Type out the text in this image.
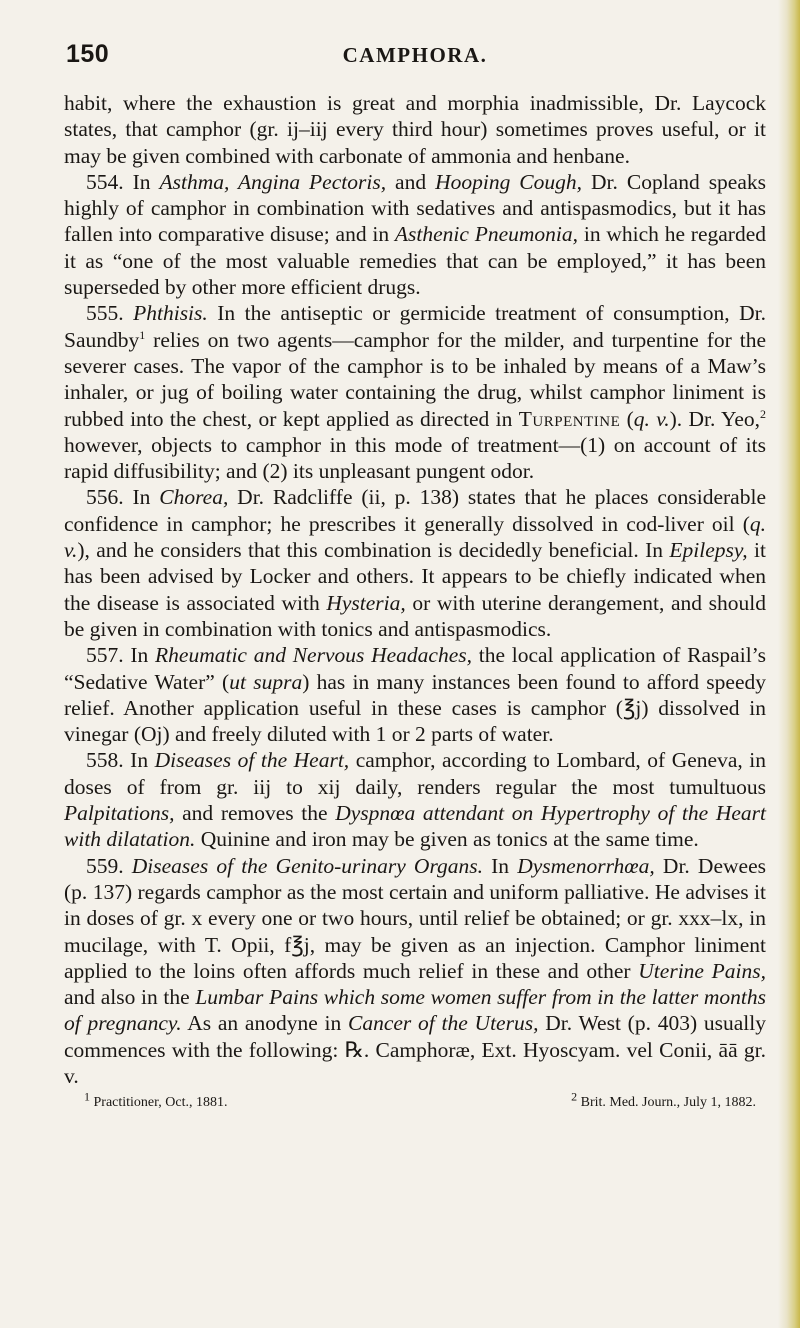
150	CAMPHORA.

habit, where the exhaustion is great and morphia inadmissible, Dr. Laycock states, that camphor (gr. ij–iij every third hour) sometimes proves useful, or it may be given combined with carbonate of ammonia and henbane.

554. In Asthma, Angina Pectoris, and Hooping Cough, Dr. Copland speaks highly of camphor in combination with sedatives and antispasmodics, but it has fallen into comparative disuse; and in Asthenic Pneumonia, in which he regarded it as “one of the most valuable remedies that can be employed,” it has been superseded by other more efficient drugs.

555. Phthisis. In the antiseptic or germicide treatment of consumption, Dr. Saundby$^1$ relies on two agents—camphor for the milder, and turpentine for the severer cases. The vapor of the camphor is to be inhaled by means of a Maw’s inhaler, or jug of boiling water containing the drug, whilst camphor liniment is rubbed into the chest, or kept applied as directed in Turpentine (q. v.). Dr. Yeo,$^2$ however, objects to camphor in this mode of treatment—(1) on account of its rapid diffusibility; and (2) its unpleasant pungent odor.

556. In Chorea, Dr. Radcliffe (ii, p. 138) states that he places considerable confidence in camphor; he prescribes it generally dissolved in cod-liver oil (q. v.), and he considers that this combination is decidedly beneficial. In Epilepsy, it has been advised by Locker and others. It appears to be chiefly indicated when the disease is associated with Hysteria, or with uterine derangement, and should be given in combination with tonics and antispasmodics.

557. In Rheumatic and Nervous Headaches, the local application of Raspail’s “Sedative Water” (ut supra) has in many instances been found to afford speedy relief. Another application useful in these cases is camphor (℥j) dissolved in vinegar (Oj) and freely diluted with 1 or 2 parts of water.

558. In Diseases of the Heart, camphor, according to Lombard, of Geneva, in doses of from gr. iij to xij daily, renders regular the most tumultuous Palpitations, and removes the Dyspnœa attendant on Hypertrophy of the Heart with dilatation. Quinine and iron may be given as tonics at the same time.

559. Diseases of the Genito-urinary Organs. In Dysmenorrhœa, Dr. Dewees (p. 137) regards camphor as the most certain and uniform palliative. He advises it in doses of gr. x every one or two hours, until relief be obtained; or gr. xxx–lx, in mucilage, with T. Opii, f℥j, may be given as an injection. Camphor liniment applied to the loins often affords much relief in these and other Uterine Pains, and also in the Lumbar Pains which some women suffer from in the latter months of pregnancy. As an anodyne in Cancer of the Uterus, Dr. West (p. 403) usually commences with the following: ℞. Camphoræ, Ext. Hyoscyam. vel Conii, āā gr. v.

$^1$ Practitioner, Oct., 1881.	$^2$ Brit. Med. Journ., July 1, 1882.
